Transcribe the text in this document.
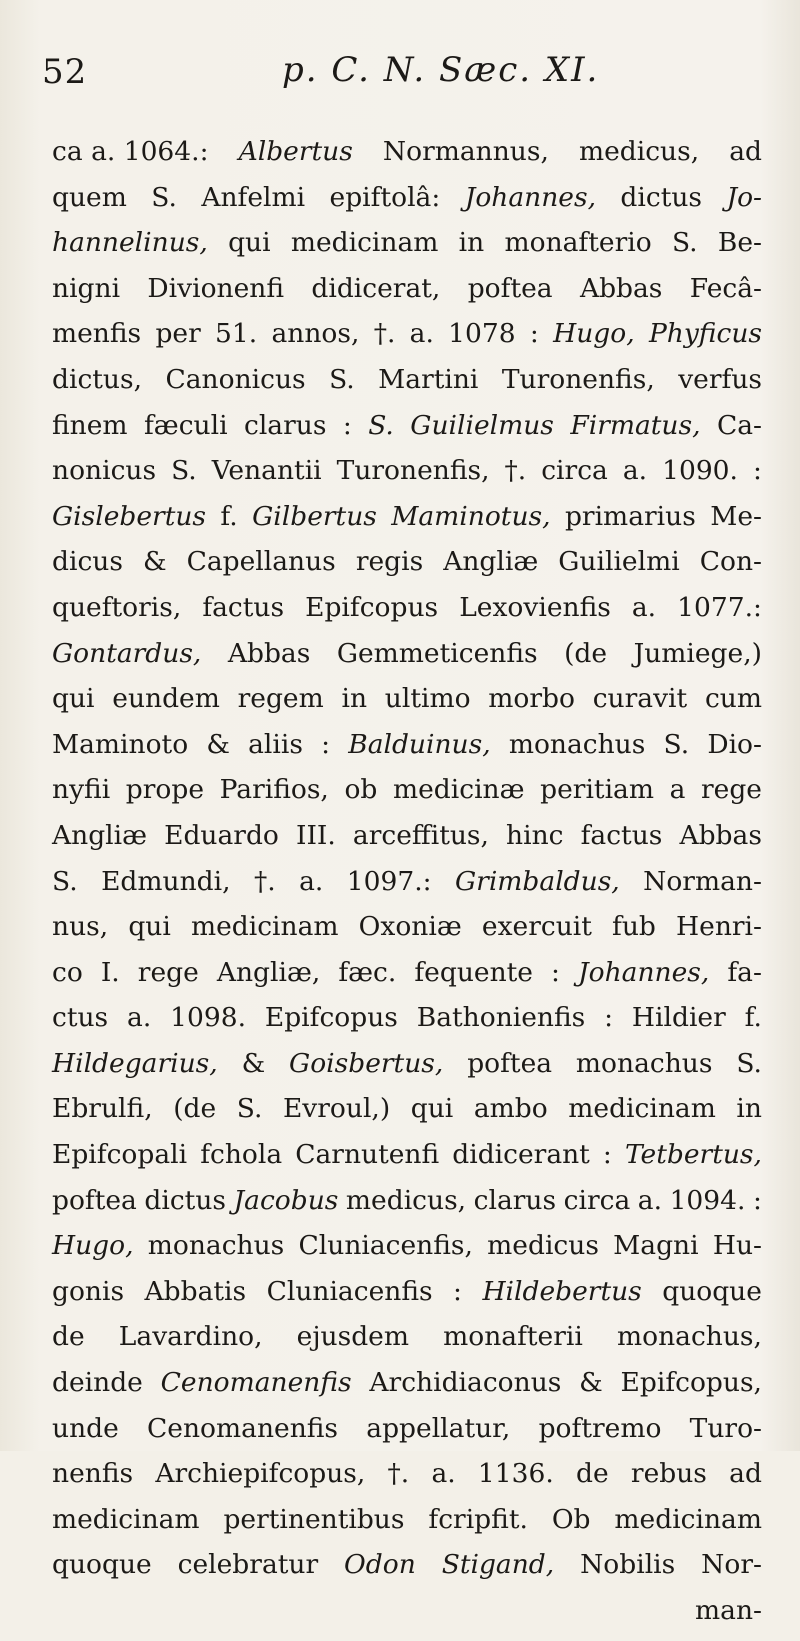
52	p. C. N. Sæc. XI.
ca a. 1064.: Albertus Normannus, medicus, ad
quem S. Anfelmi epiftolâ: Johannes, dictus Jo-
hannelinus, qui medicinam in monafterio S. Be-
nigni Divionenfi didicerat, poftea Abbas Fecâ-
menfis per 51. annos, †. a. 1078 : Hugo, Phyficus
dictus, Canonicus S. Martini Turonenfis, verfus
finem fæculi clarus : S. Guilielmus Firmatus, Ca-
nonicus S. Venantii Turonenfis, †. circa a. 1090. :
Gislebertus f. Gilbertus Maminotus, primarius Me-
dicus & Capellanus regis Angliæ Guilielmi Con-
queftoris, factus Epifcopus Lexovienfis a. 1077.:
Gontardus, Abbas Gemmeticenfis (de Jumiege,)
qui eundem regem in ultimo morbo curavit cum
Maminoto & aliis : Balduinus, monachus S. Dio-
nyfii prope Parifios, ob medicinæ peritiam a rege
Angliæ Eduardo III. arceffitus, hinc factus Abbas
S. Edmundi, †. a. 1097.: Grimbaldus, Norman-
nus, qui medicinam Oxoniæ exercuit fub Henri-
co I. rege Angliæ, fæc. fequente : Johannes, fa-
ctus a. 1098. Epifcopus Bathonienfis : Hildier f.
Hildegarius, & Goisbertus, poftea monachus S.
Ebrulfi, (de S. Evroul,) qui ambo medicinam in
Epifcopali fchola Carnutenfi didicerant : Tetbertus,
poftea dictus Jacobus medicus, clarus circa a. 1094. :
Hugo, monachus Cluniacenfis, medicus Magni Hu-
gonis Abbatis Cluniacenfis : Hildebertus quoque
de Lavardino, ejusdem monafterii monachus,
deinde Cenomanenfis Archidiaconus & Epifcopus,
unde Cenomanenfis appellatur, poftremo Turo-
nenfis Archiepifcopus, †. a. 1136. de rebus ad
medicinam pertinentibus fcripfit. Ob medicinam
quoque celebratur Odon Stigand, Nobilis Nor-
man-
